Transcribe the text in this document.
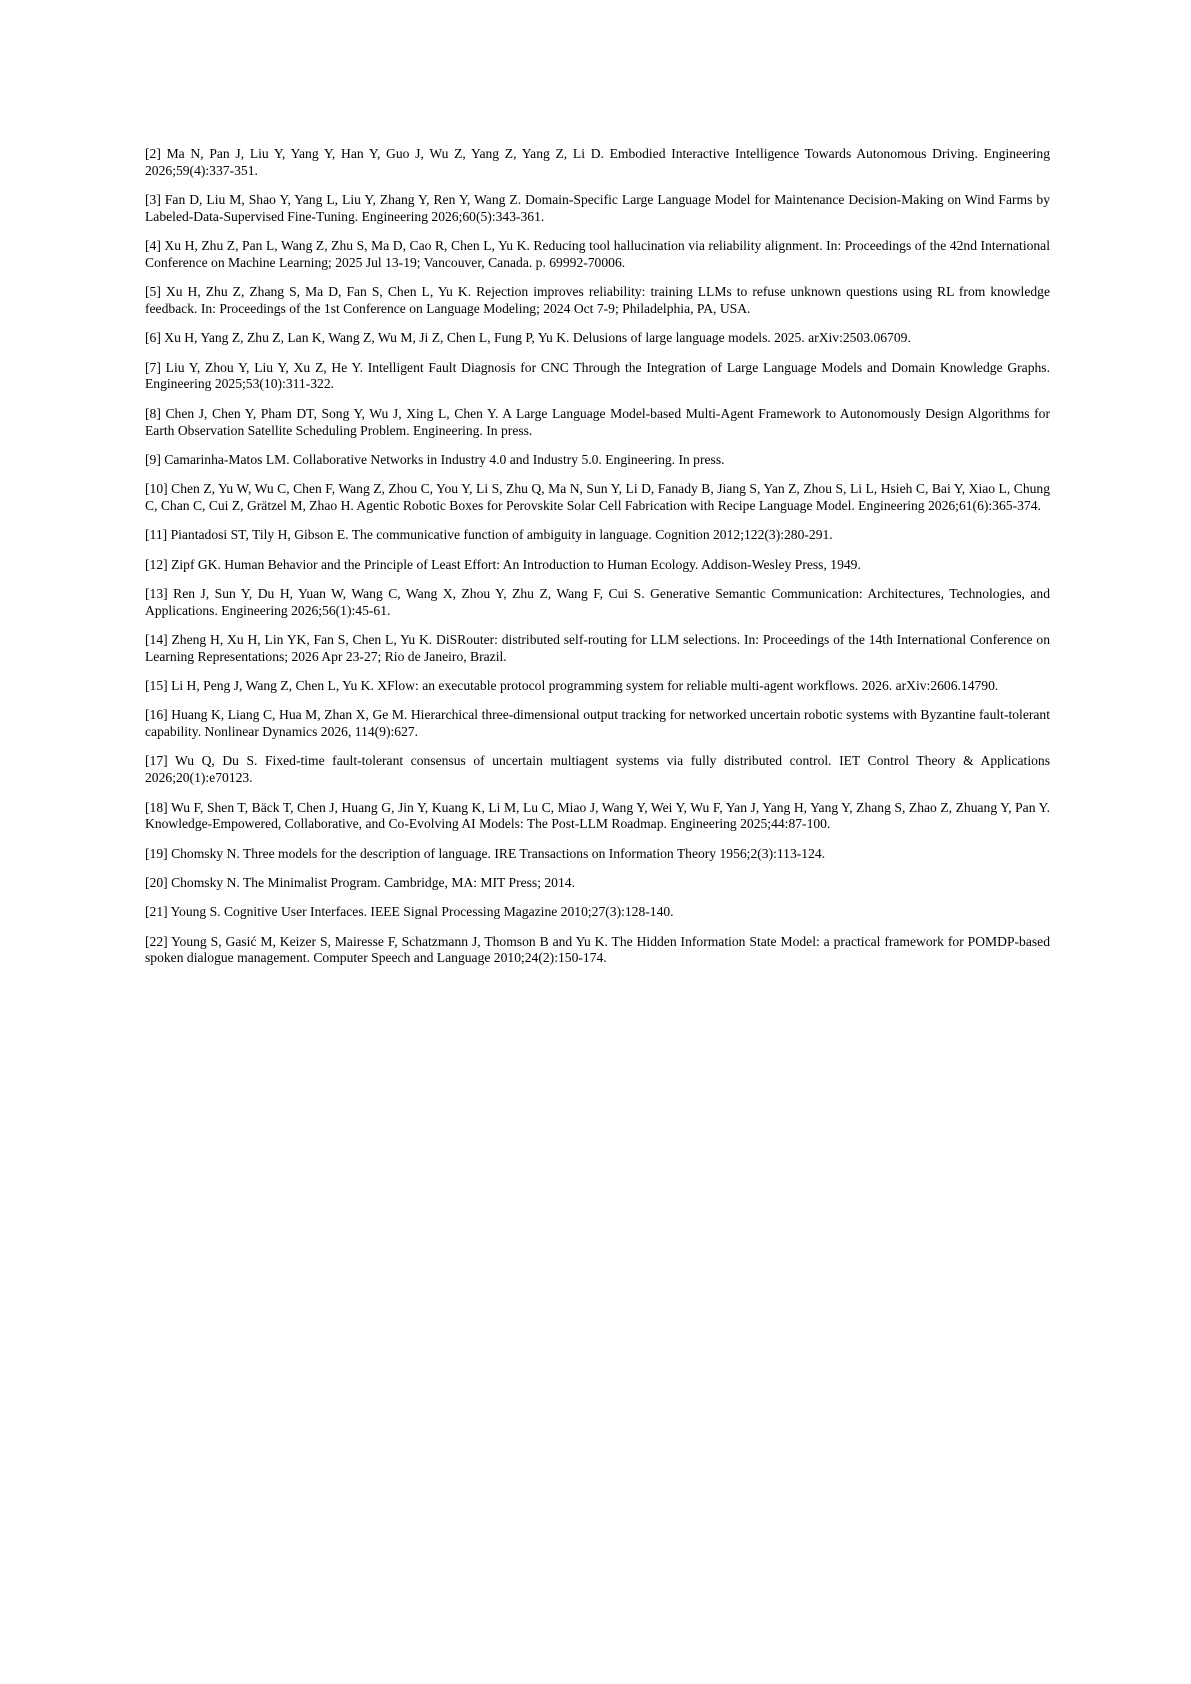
[2] Ma N, Pan J, Liu Y, Yang Y, Han Y, Guo J, Wu Z, Yang Z, Yang Z, Li D. Embodied Interactive Intelligence Towards Autonomous Driving. Engineering 2026;59(4):337-351.

[3] Fan D, Liu M, Shao Y, Yang L, Liu Y, Zhang Y, Ren Y, Wang Z. Domain-Specific Large Language Model for Maintenance Decision-Making on Wind Farms by Labeled-Data-Supervised Fine-Tuning. Engineering 2026;60(5):343-361.

[4] Xu H, Zhu Z, Pan L, Wang Z, Zhu S, Ma D, Cao R, Chen L, Yu K. Reducing tool hallucination via reliability alignment. In: Proceedings of the 42nd International Conference on Machine Learning; 2025 Jul 13-19; Vancouver, Canada. p. 69992-70006.

[5] Xu H, Zhu Z, Zhang S, Ma D, Fan S, Chen L, Yu K. Rejection improves reliability: training LLMs to refuse unknown questions using RL from knowledge feedback. In: Proceedings of the 1st Conference on Language Modeling; 2024 Oct 7-9; Philadelphia, PA, USA.

[6] Xu H, Yang Z, Zhu Z, Lan K, Wang Z, Wu M, Ji Z, Chen L, Fung P, Yu K. Delusions of large language models. 2025. arXiv:2503.06709.

[7] Liu Y, Zhou Y, Liu Y, Xu Z, He Y. Intelligent Fault Diagnosis for CNC Through the Integration of Large Language Models and Domain Knowledge Graphs. Engineering 2025;53(10):311-322.

[8] Chen J, Chen Y, Pham DT, Song Y, Wu J, Xing L, Chen Y. A Large Language Model-based Multi-Agent Framework to Autonomously Design Algorithms for Earth Observation Satellite Scheduling Problem. Engineering. In press.

[9] Camarinha-Matos LM. Collaborative Networks in Industry 4.0 and Industry 5.0. Engineering. In press.

[10] Chen Z, Yu W, Wu C, Chen F, Wang Z, Zhou C, You Y, Li S, Zhu Q, Ma N, Sun Y, Li D, Fanady B, Jiang S, Yan Z, Zhou S, Li L, Hsieh C, Bai Y, Xiao L, Chung C, Chan C, Cui Z, Grätzel M, Zhao H. Agentic Robotic Boxes for Perovskite Solar Cell Fabrication with Recipe Language Model. Engineering 2026;61(6):365-374.

[11] Piantadosi ST, Tily H, Gibson E. The communicative function of ambiguity in language. Cognition 2012;122(3):280-291.

[12] Zipf GK. Human Behavior and the Principle of Least Effort: An Introduction to Human Ecology. Addison-Wesley Press, 1949.

[13] Ren J, Sun Y, Du H, Yuan W, Wang C, Wang X, Zhou Y, Zhu Z, Wang F, Cui S. Generative Semantic Communication: Architectures, Technologies, and Applications. Engineering 2026;56(1):45-61.

[14] Zheng H, Xu H, Lin YK, Fan S, Chen L, Yu K. DiSRouter: distributed self-routing for LLM selections. In: Proceedings of the 14th International Conference on Learning Representations; 2026 Apr 23-27; Rio de Janeiro, Brazil.

[15] Li H, Peng J, Wang Z, Chen L, Yu K. XFlow: an executable protocol programming system for reliable multi-agent workflows. 2026. arXiv:2606.14790.

[16] Huang K, Liang C, Hua M, Zhan X, Ge M. Hierarchical three-dimensional output tracking for networked uncertain robotic systems with Byzantine fault-tolerant capability. Nonlinear Dynamics 2026, 114(9):627.

[17] Wu Q, Du S. Fixed-time fault-tolerant consensus of uncertain multiagent systems via fully distributed control. IET Control Theory & Applications 2026;20(1):e70123.

[18] Wu F, Shen T, Bäck T, Chen J, Huang G, Jin Y, Kuang K, Li M, Lu C, Miao J, Wang Y, Wei Y, Wu F, Yan J, Yang H, Yang Y, Zhang S, Zhao Z, Zhuang Y, Pan Y. Knowledge-Empowered, Collaborative, and Co-Evolving AI Models: The Post-LLM Roadmap. Engineering 2025;44:87-100.

[19] Chomsky N. Three models for the description of language. IRE Transactions on Information Theory 1956;2(3):113-124.

[20] Chomsky N. The Minimalist Program. Cambridge, MA: MIT Press; 2014.

[21] Young S. Cognitive User Interfaces. IEEE Signal Processing Magazine 2010;27(3):128-140.

[22] Young S, Gasić M, Keizer S, Mairesse F, Schatzmann J, Thomson B and Yu K. The Hidden Information State Model: a practical framework for POMDP-based spoken dialogue management. Computer Speech and Language 2010;24(2):150-174.
